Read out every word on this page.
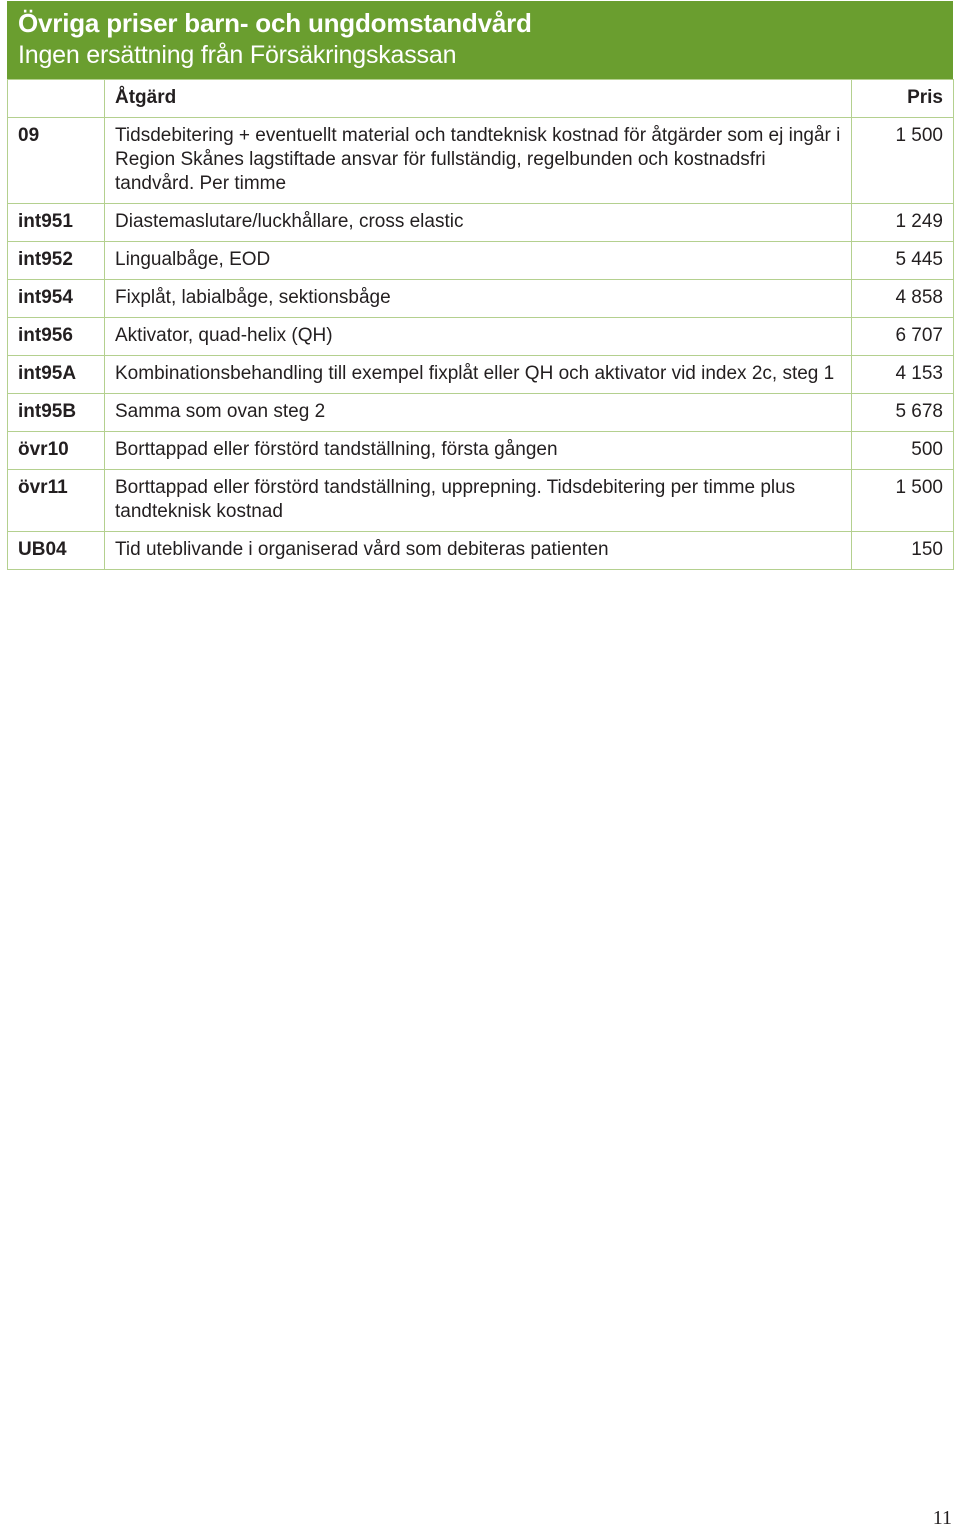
Övriga priser barn- och ungdomstandvård
Ingen ersättning från Försäkringskassan
	Åtgärd	Pris
09	Tidsdebitering + eventuellt material och tandteknisk kostnad för åtgärder som ej ingår i Region Skånes lagstiftade ansvar för fullständig, regelbunden och kostnadsfri tandvård. Per timme	1 500
int951	Diastemaslutare/luckhållare, cross elastic	1 249
int952	Lingualbåge, EOD	5 445
int954	Fixplåt, labialbåge, sektionsbåge	4 858
int956	Aktivator, quad-helix (QH)	6 707
int95A	Kombinationsbehandling till exempel fixplåt eller QH och aktivator vid index 2c, steg 1	4 153
int95B	Samma som ovan steg 2	5 678
övr10	Borttappad eller förstörd tandställning, första gången	500
övr11	Borttappad eller förstörd tandställning, upprepning. Tidsdebitering per timme plus tandteknisk kostnad	1 500
UB04	Tid uteblivande i organiserad vård som debiteras patienten	150
11
